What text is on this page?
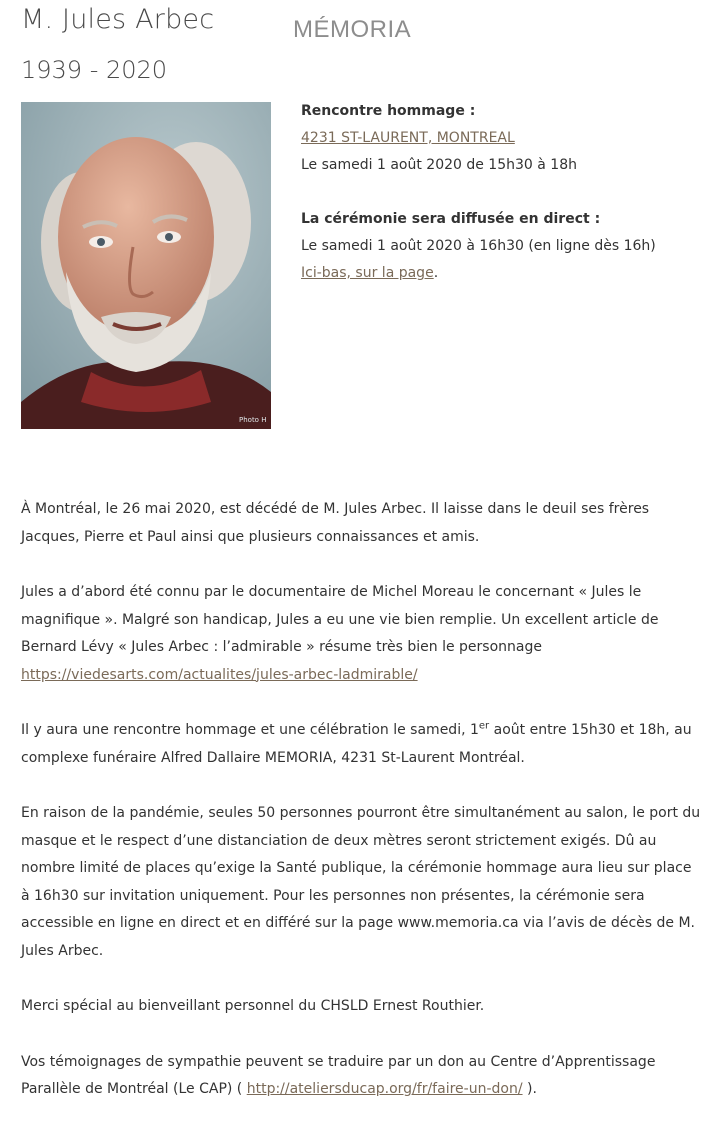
M. Jules Arbec	MÉMORIA
1939 - 2020
Photo H

Rencontre hommage :

4231 ST-LAURENT, MONTREAL

Le samedi 1 août 2020 de 15h30 à 18h

La cérémonie sera diffusée en direct :

Le samedi 1 août 2020 à 16h30 (en ligne dès 16h)

Ici-bas, sur la page.

À Montréal, le 26 mai 2020, est décédé de M. Jules Arbec. Il laisse dans le deuil ses frères Jacques, Pierre et Paul ainsi que plusieurs connaissances et amis.

Jules a d’abord été connu par le documentaire de Michel Moreau le concernant « Jules le magnifique ». Malgré son handicap, Jules a eu une vie bien remplie. Un excellent article de Bernard Lévy « Jules Arbec : l’admirable » résume très bien le personnage
https://viedesarts.com/actualites/jules-arbec-ladmirable/

Il y aura une rencontre hommage et une célébration le samedi, 1er août entre 15h30 et 18h, au complexe funéraire Alfred Dallaire MEMORIA, 4231 St-Laurent Montréal.

En raison de la pandémie, seules 50 personnes pourront être simultanément au salon, le port du masque et le respect d’une distanciation de deux mètres seront strictement exigés. Dû au nombre limité de places qu’exige la Santé publique, la cérémonie hommage aura lieu sur place à 16h30 sur invitation uniquement. Pour les personnes non présentes, la cérémonie sera accessible en ligne en direct et en différé sur la page www.memoria.ca via l’avis de décès de M. Jules Arbec.

Merci spécial au bienveillant personnel du CHSLD Ernest Routhier.

Vos témoignages de sympathie peuvent se traduire par un don au Centre d’Apprentissage Parallèle de Montréal (Le CAP) ( http://ateliersducap.org/fr/faire-un-don/ ).
